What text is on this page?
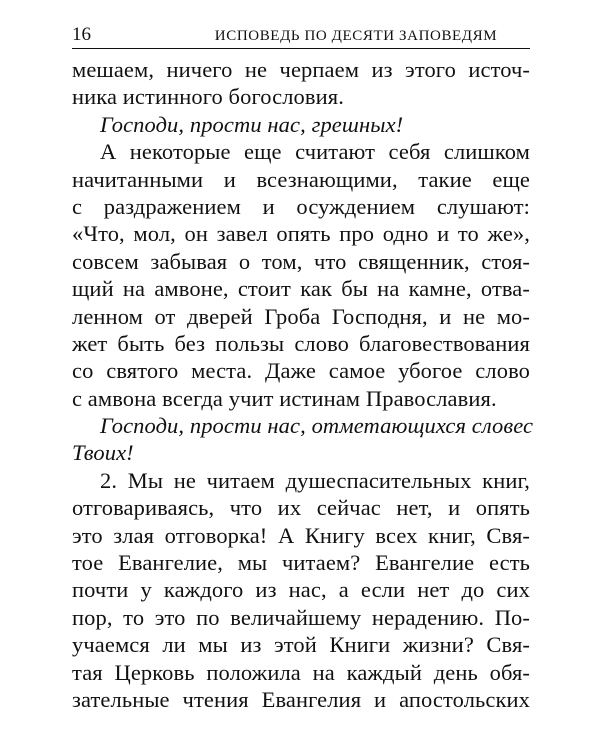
16	ИСПОВЕДЬ ПО ДЕСЯТИ ЗАПОВЕДЯМ
мешаем, ничего не черпаем из этого источ-
ника истинного богословия.
Господи, прости нас, грешных!
А некоторые еще считают себя слишком
начитанными и всезнающими, такие еще
с раздражением и осуждением слушают:
«Что, мол, он завел опять про одно и то же»,
совсем забывая о том, что священник, стоя-
щий на амвоне, стоит как бы на камне, отва-
ленном от дверей Гроба Господня, и не мо-
жет быть без пользы слово благовествования
со святого места. Даже самое убогое слово
с амвона всегда учит истинам Православия.
Господи, прости нас, отметающихся словес
Твоих!
2. Мы не читаем душеспасительных книг,
отговариваясь, что их сейчас нет, и опять
это злая отговорка! А Книгу всех книг, Свя-
тое Евангелие, мы читаем? Евангелие есть
почти у каждого из нас, а если нет до сих
пор, то это по величайшему нерадению. По-
учаемся ли мы из этой Книги жизни? Свя-
тая Церковь положила на каждый день обя-
зательные чтения Евангелия и апостольских
